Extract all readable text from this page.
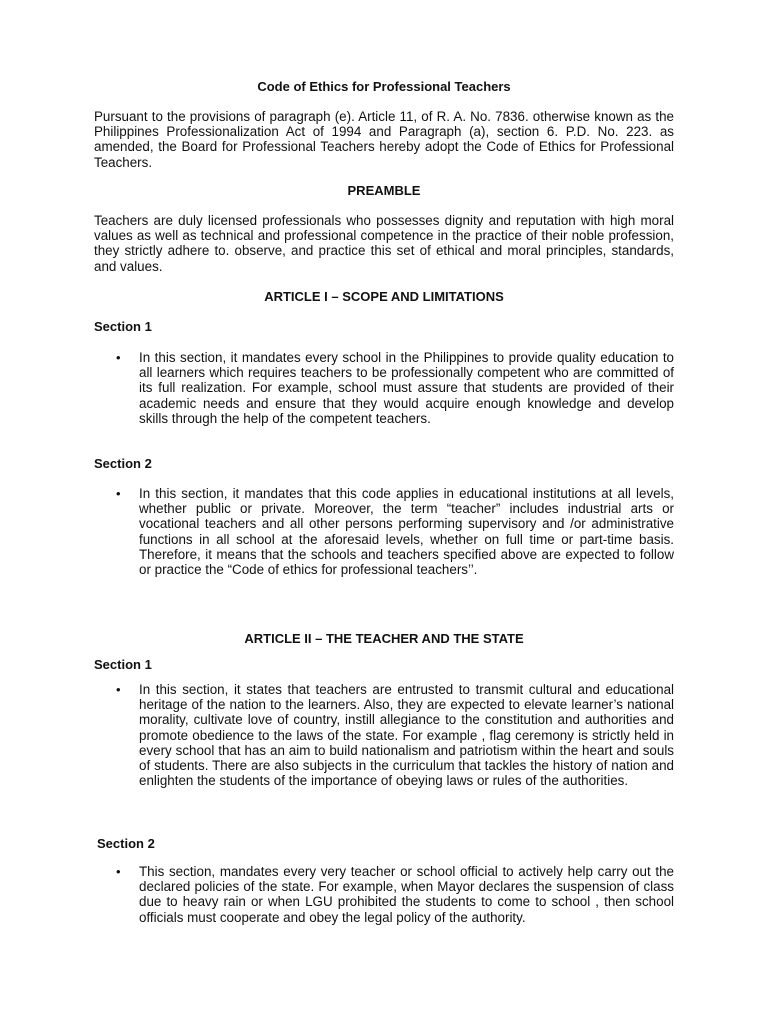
Code of Ethics for Professional Teachers

Pursuant to the provisions of paragraph (e). Article 11, of R. A. No. 7836. otherwise known as the Philippines Professionalization Act of 1994 and Paragraph (a), section 6. P.D. No. 223. as amended, the Board for Professional Teachers hereby adopt the Code of Ethics for Professional Teachers.

PREAMBLE

Teachers are duly licensed professionals who possesses dignity and reputation with high moral values as well as technical and professional competence in the practice of their noble profession, they strictly adhere to. observe, and practice this set of ethical and moral principles, standards, and values.

ARTICLE I – SCOPE AND LIMITATIONS

Section 1

• In this section, it mandates every school in the Philippines to provide quality education to all learners which requires teachers to be professionally competent who are committed of its full realization. For example, school must assure that students are provided of their academic needs and ensure that they would acquire enough knowledge and develop skills through the help of the competent teachers.

Section 2

• In this section, it mandates that this code applies in educational institutions at all levels, whether public or private. Moreover, the term “teacher” includes industrial arts or vocational teachers and all other persons performing supervisory and /or administrative functions in all school at the aforesaid levels, whether on full time or part-time basis. Therefore, it means that the schools and teachers specified above are expected to follow or practice the “Code of ethics for professional teachers’’.

ARTICLE II – THE TEACHER AND THE STATE

Section 1

• In this section, it states that teachers are entrusted to transmit cultural and educational heritage of the nation to the learners. Also, they are expected to elevate learner’s national morality, cultivate love of country, instill allegiance to the constitution and authorities and promote obedience to the laws of the state. For example , flag ceremony is strictly held in every school that has an aim to build nationalism and patriotism within the heart and souls of students. There are also subjects in the curriculum that tackles the history of nation and enlighten the students of the importance of obeying laws or rules of the authorities.

Section 2

• This section, mandates every very teacher or school official to actively help carry out the declared policies of the state. For example, when Mayor declares the suspension of class due to heavy rain or when LGU prohibited the students to come to school , then school officials must cooperate and obey the legal policy of the authority.
